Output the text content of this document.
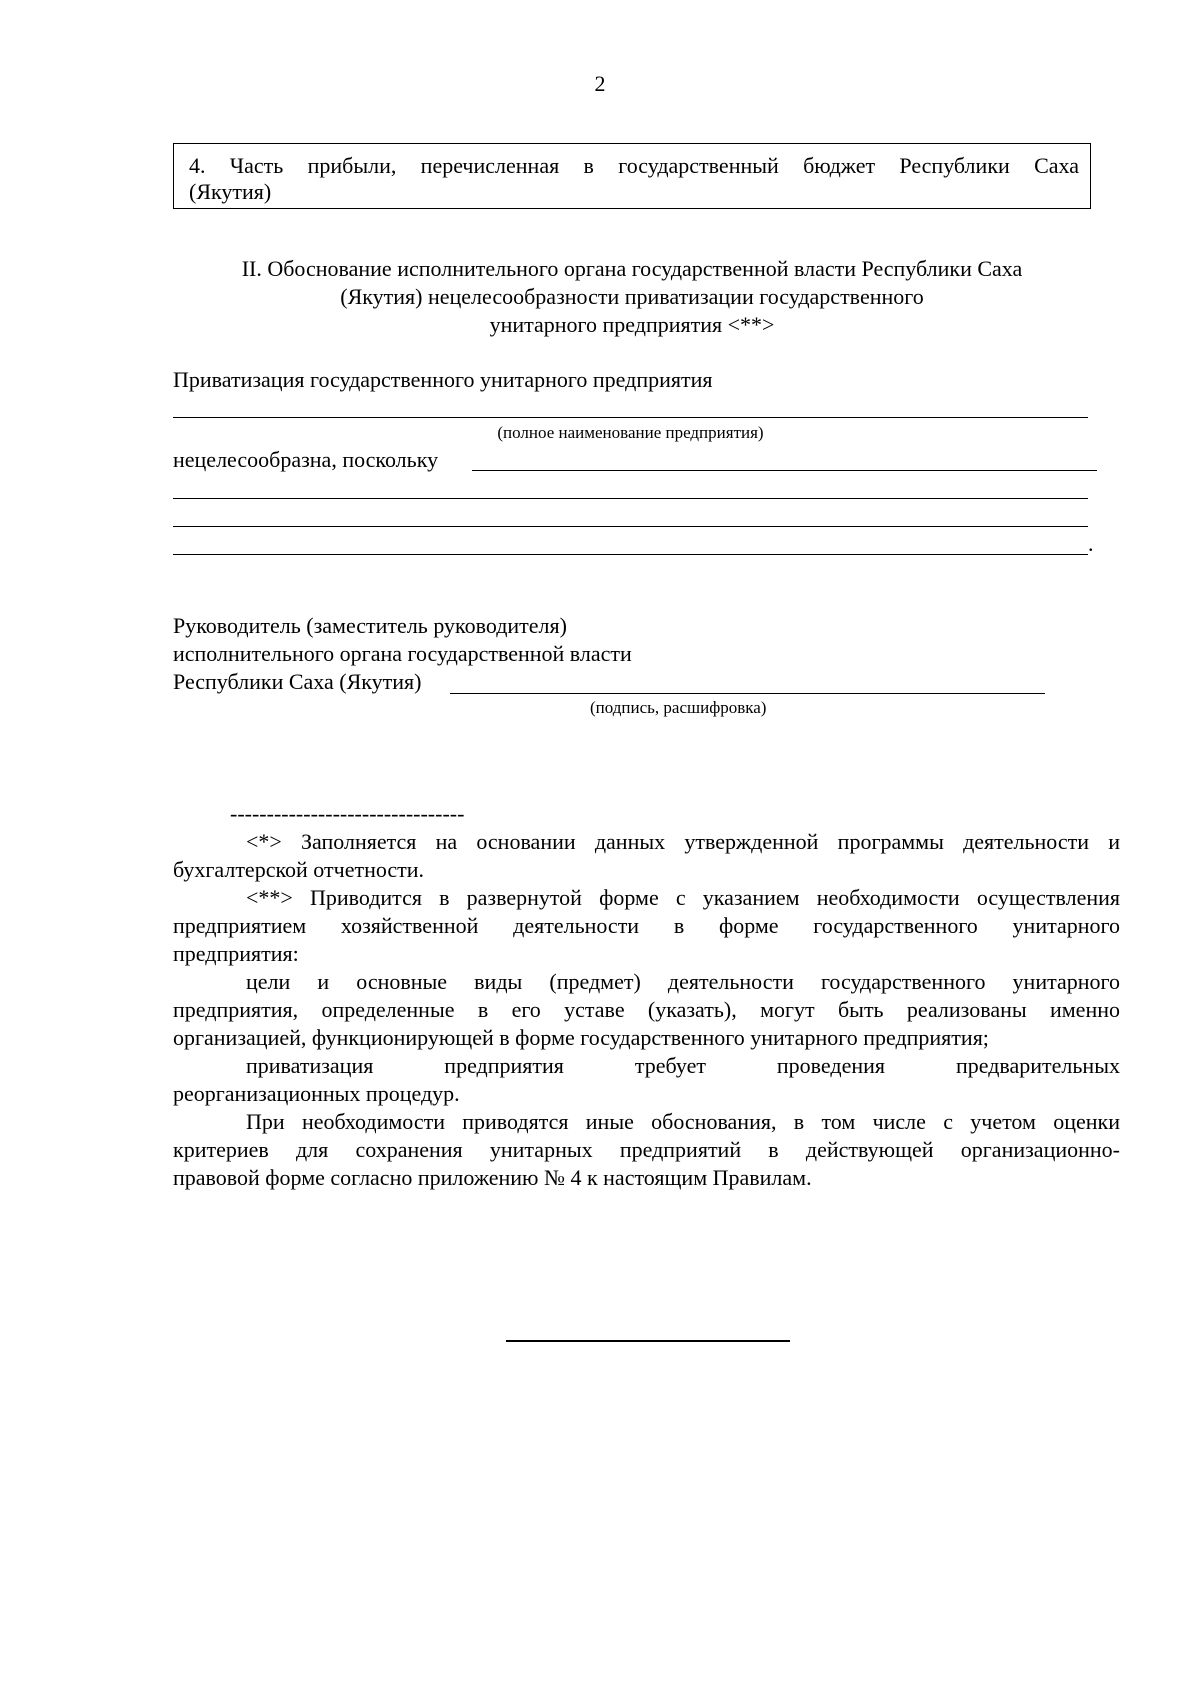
2
4. Часть прибыли, перечисленная в государственный бюджет Республики Саха
(Якутия)
II. Обоснование исполнительного органа государственной власти Республики Саха
(Якутия) нецелесообразности приватизации государственного
унитарного предприятия <**>
Приватизация государственного унитарного предприятия
(полное наименование предприятия)
нецелесообразна, поскольку
.
Руководитель (заместитель руководителя)
исполнительного органа государственной власти
Республики Саха (Якутия)
(подпись, расшифровка)
--------------------------------
<*> Заполняется на основании данных утвержденной программы деятельности и
бухгалтерской отчетности.
<**> Приводится в развернутой форме с указанием необходимости осуществления
предприятием хозяйственной деятельности в форме государственного унитарного
предприятия:
цели и основные виды (предмет) деятельности государственного унитарного
предприятия, определенные в его уставе (указать), могут быть реализованы именно
организацией, функционирующей в форме государственного унитарного предприятия;
приватизация предприятия требует проведения предварительных
реорганизационных процедур.
При необходимости приводятся иные обоснования, в том числе с учетом оценки
критериев для сохранения унитарных предприятий в действующей организационно-
правовой форме согласно приложению № 4 к настоящим Правилам.
